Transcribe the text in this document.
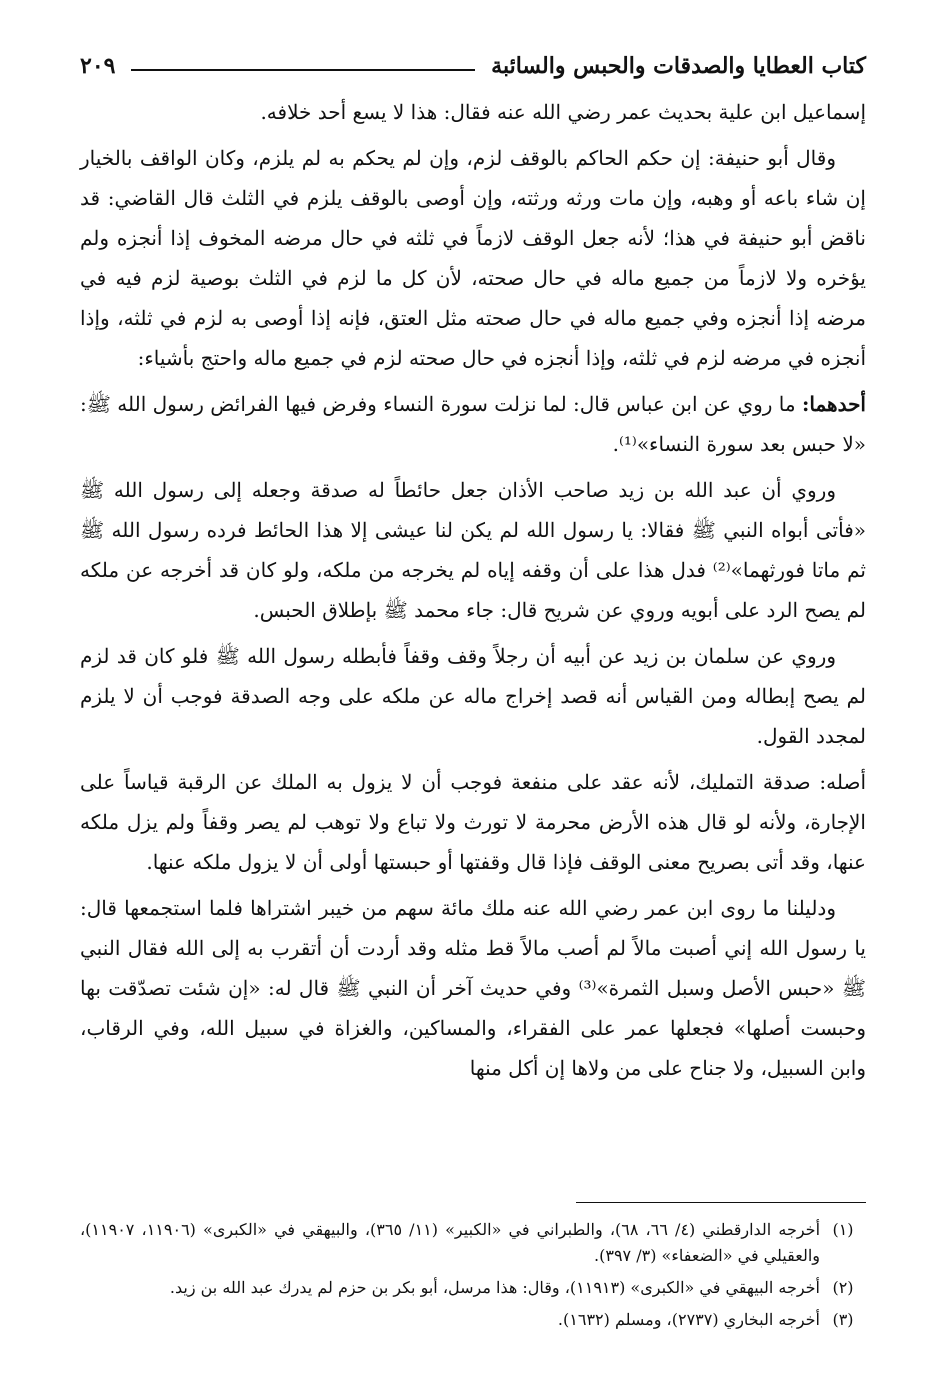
كتاب العطايا والصدقات والحبس والسائبة
٢٠٩

إسماعيل ابن علية بحديث عمر رضي الله عنه فقال: هذا لا يسع أحد خلافه.

وقال أبو حنيفة: إن حكم الحاكم بالوقف لزم، وإن لم يحكم به لم يلزم، وكان الواقف بالخيار إن شاء باعه أو وهبه، وإن مات ورثه ورثته، وإن أوصى بالوقف يلزم في الثلث قال القاضي: قد ناقض أبو حنيفة في هذا؛ لأنه جعل الوقف لازماً في ثلثه في حال مرضه المخوف إذا أنجزه ولم يؤخره ولا لازماً من جميع ماله في حال صحته، لأن كل ما لزم في الثلث بوصية لزم فيه في مرضه إذا أنجزه وفي جميع ماله في حال صحته مثل العتق، فإنه إذا أوصى به لزم في ثلثه، وإذا أنجزه في مرضه لزم في ثلثه، وإذا أنجزه في حال صحته لزم في جميع ماله واحتج بأشياء:

أحدهما: ما روي عن ابن عباس قال: لما نزلت سورة النساء وفرض فيها الفرائض رسول الله ﷺ: «لا حبس بعد سورة النساء»⁽¹⁾.

وروي أن عبد الله بن زيد صاحب الأذان جعل حائطاً له صدقة وجعله إلى رسول الله ﷺ «فأتى أبواه النبي ﷺ فقالا: يا رسول الله لم يكن لنا عيشى إلا هذا الحائط فرده رسول الله ﷺ ثم ماتا فورثهما»⁽²⁾ فدل هذا على أن وقفه إياه لم يخرجه من ملكه، ولو كان قد أخرجه عن ملكه لم يصح الرد على أبويه وروي عن شريح قال: جاء محمد ﷺ بإطلاق الحبس.

وروي عن سلمان بن زيد عن أبيه أن رجلاً وقف وقفاً فأبطله رسول الله ﷺ فلو كان قد لزم لم يصح إبطاله ومن القياس أنه قصد إخراج ماله عن ملكه على وجه الصدقة فوجب أن لا يلزم لمجدد القول.

أصله: صدقة التمليك، لأنه عقد على منفعة فوجب أن لا يزول به الملك عن الرقبة قياساً على الإجارة، ولأنه لو قال هذه الأرض محرمة لا تورث ولا تباع ولا توهب لم يصر وقفاً ولم يزل ملكه عنها، وقد أتى بصريح معنى الوقف فإذا قال وقفتها أو حبستها أولى أن لا يزول ملكه عنها.

ودليلنا ما روى ابن عمر رضي الله عنه ملك مائة سهم من خيبر اشتراها فلما استجمعها قال: يا رسول الله إني أصبت مالاً لم أصب مالاً قط مثله وقد أردت أن أتقرب به إلى الله فقال النبي ﷺ «حبس الأصل وسبل الثمرة»⁽³⁾ وفي حديث آخر أن النبي ﷺ قال له: «إن شئت تصدّقت بها وحبست أصلها» فجعلها عمر على الفقراء، والمساكين، والغزاة في سبيل الله، وفي الرقاب، وابن السبيل، ولا جناح على من ولاها إن أكل منها

(١)
أخرجه الدارقطني (٤/ ٦٦، ٦٨)، والطبراني في «الكبير» (١١/ ٣٦٥)، والبيهقي في «الكبرى» (١١٩٠٦، ١١٩٠٧)، والعقيلي في «الضعفاء» (٣/ ٣٩٧).
(٢)
أخرجه البيهقي في «الكبرى» (١١٩١٣)، وقال: هذا مرسل، أبو بكر بن حزم لم يدرك عبد الله بن زيد.
(٣)
أخرجه البخاري (٢٧٣٧)، ومسلم (١٦٣٢).
